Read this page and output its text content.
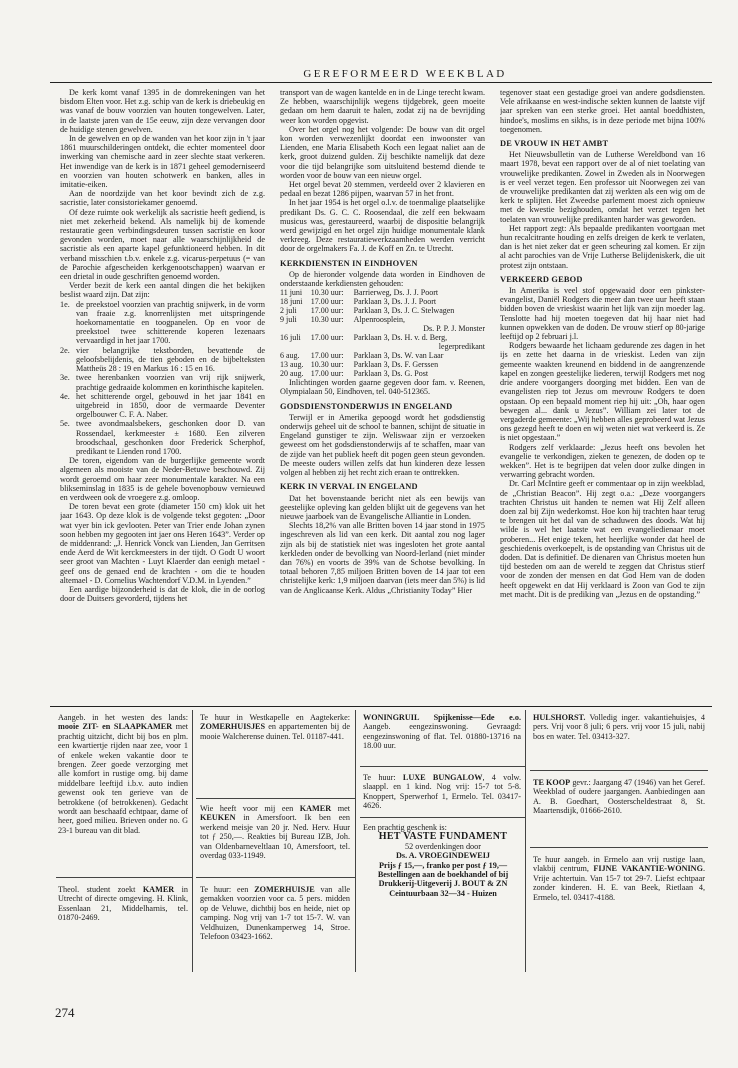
GEREFORMEERD WEEKBLAD

De kerk komt vanaf 1395 in de domrekeningen van het bisdom Elten voor. Het z.g. schip van de kerk is driebeukig en was vanaf de bouw voorzien van houten tongewelven. Later, in de laatste jaren van de 15e eeuw, zijn deze vervangen door de huidige stenen gewelven.

In de gewelven en op de wanden van het koor zijn in 't jaar 1861 muurschilderingen ontdekt, die echter momenteel door inwerking van chemische aard in zeer slechte staat verkeren. Het inwendige van de kerk is in 1871 geheel gemoderniseerd en voorzien van houten schotwerk en banken, alles in imitatie-eiken.

Aan de noordzijde van het koor bevindt zich de z.g. sacristie, later consistoriekamer genoemd.

Of deze ruimte ook werkelijk als sacristie heeft gediend, is niet met zekerheid bekend. Als namelijk bij de komende restauratie geen verbindingsdeuren tussen sacristie en koor gevonden worden, moet naar alle waarschijnlijkheid de sacristie als een aparte kapel gefunktioneerd hebben. In dit verband misschien t.b.v. enkele z.g. vicarus-perpetuus (= van de Parochie afgescheiden kerkgenootschappen) waarvan er een drietal in oude geschriften genoemd worden.

Verder bezit de kerk een aantal dingen die het bekijken beslist waard zijn. Dat zijn:

1e. de preekstoel voorzien van prachtig snijwerk, in de vorm van fraaie z.g. knorrenlijsten met uitspringende hoekornamentatie en toogpanelen. Op en voor de preekstoel twee schitterende koperen lezenaars vervaardigd in het jaar 1700.
2e. vier belangrijke tekstborden, bevattende de geloofsbelijdenis, de tien geboden en de bijbelteksten Mattheüs 28 : 19 en Markus 16 : 15 en 16.
3e. twee herenbanken voorzien van vrij rijk snijwerk, prachtige gedraaide kolommen en korinthische kapitelen.
4e. het schitterende orgel, gebouwd in het jaar 1841 en uitgebreid in 1850, door de vermaarde Deventer orgelbouwer C. F. A. Naber.
5e. twee avondmaalsbekers, geschonken door D. van Rossendael, kerkmeester ± 1680. Een zilveren broodschaal, geschonken door Frederick Scherphof, predikant te Lienden rond 1700.

De toren, eigendom van de burgerlijke gemeente wordt algemeen als mooiste van de Neder-Betuwe beschouwd. Zij wordt geroemd om haar zeer monumentale karakter. Na een blikseminslag in 1835 is de gehele bovenopbouw vernieuwd en verdween ook de vroegere z.g. omloop.

De toren bevat een grote (diameter 150 cm) klok uit het jaar 1643. Op deze klok is de volgende tekst gegoten: „Door wat vyer bin ick gevlooten. Peter van Trier ende Johan zynen soon hebben my gegooten int jaer ons Heren 1643”. Verder op de middenrand: „J. Henrick Vonck van Lienden, Jan Gerritsen ende Aerd de Wit kerckmeesters in der tijdt. O Godt U woort seer groot van Machten - Luyt Klaerder dan eenigh metael - geef ons de genaed end de krachten - om die te houden altemael - D. Cornelius Wachtendorf V.D.M. in Lyenden.”

Een aardige bijzonderheid is dat de klok, die in de oorlog door de Duitsers gevorderd, tijdens het

transport van de wagen kantelde en in de Linge terecht kwam. Ze hebben, waarschijnlijk wegens tijdgebrek, geen moeite gedaan om hem daaruit te halen, zodat zij na de bevrijding weer kon worden opgevist.

Over het orgel nog het volgende: De bouw van dit orgel kon worden verwezenlijkt doordat een inwoonster van Lienden, ene Maria Elisabeth Koch een legaat naliet aan de kerk, groot duizend gulden. Zij beschikte namelijk dat deze voor die tijd belangrijke som uitsluitend bestemd diende te worden voor de bouw van een nieuw orgel.

Het orgel bevat 20 stemmen, verdeeld over 2 klavieren en pedaal en bezat 1286 pijpen, waarvan 57 in het front.

In het jaar 1954 is het orgel o.l.v. de toenmalige plaatselijke predikant Ds. G. C. C. Roosendaal, die zelf een bekwaam musicus was, gerestaureerd, waarbij de dispositie belangrijk werd gewijzigd en het orgel zijn huidige monumentale klank verkreeg. Deze restauratiewerkzaamheden werden verricht door de orgelmakers Fa. J. de Koff en Zn. te Utrecht.

KERKDIENSTEN IN EINDHOVEN

Op de hieronder volgende data worden in Eindhoven de onderstaande kerkdiensten gehouden:

11 juni	10.30 uur:	Barrierweg, Ds. J. J. Poort
18 juni	17.00 uur:	Parklaan 3, Ds. J. J. Poort
2 juli	17.00 uur:	Parklaan 3, Ds. J. C. Stelwagen
9 juli	10.30 uur:	Alpenroosplein,
		Ds. P. P. J. Monster
16 juli	17.00 uur:	Parklaan 3, Ds. H. v. d. Berg,
		legerpredikant
6 aug.	17.00 uur:	Parklaan 3, Ds. W. van Laar
13 aug.	10.30 uur:	Parklaan 3, Ds. F. Gerssen
20 aug.	17.00 uur:	Parklaan 3, Ds. G. Post

Inlichtingen worden gaarne gegeven door fam. v. Reenen, Olympialaan 50, Eindhoven, tel. 040-512365.

GODSDIENSTONDERWIJS IN ENGELAND

Terwijl er in Amerika gepoogd wordt het godsdienstig onderwijs geheel uit de school te bannen, schijnt de situatie in Engeland gunstiger te zijn. Weliswaar zijn er verzoeken geweest om het godsdienstonderwijs af te schaffen, maar van de zijde van het publiek heeft dit pogen geen steun gevonden. De meeste ouders willen zelfs dat hun kinderen deze lessen volgen al hebben zij het recht zich eraan te onttrekken.

KERK IN VERVAL IN ENGELAND

Dat het bovenstaande bericht niet als een bewijs van geestelijke opleving kan gelden blijkt uit de gegevens van het nieuwe jaarboek van de Evangelische Alliantie in Londen.

Slechts 18,2% van alle Britten boven 14 jaar stond in 1975 ingeschreven als lid van een kerk. Dit aantal zou nog lager zijn als bij de statistiek niet was ingesloten het grote aantal kerkleden onder de bevolking van Noord-Ierland (niet minder dan 76%) en voorts de 39% van de Schotse bevolking. In totaal behoren 7,85 miljoen Britten boven de 14 jaar tot een christelijke kerk: 1,9 miljoen daarvan (iets meer dan 5%) is lid van de Anglicaanse Kerk. Aldus „Christianity Today” Hier

tegenover staat een gestadige groei van andere godsdiensten. Vele afrikaanse en west-indische sekten kunnen de laatste vijf jaar spreken van een sterke groei. Het aantal boeddhisten, hindoe's, moslims en sikhs, is in deze periode met bijna 100% toegenomen.

DE VROUW IN HET AMBT

Het Nieuwsbulletin van de Lutherse Wereldbond van 16 maart 1978, bevat een rapport over de al of niet toelating van vrouwelijke predikanten. Zowel in Zweden als in Noorwegen is er veel verzet tegen. Een professor uit Noorwegen zei van de vrouwelijke predikanten dat zij werkten als een wig om de kerk te splijten. Het Zweedse parlement moest zich opnieuw met de kwestie bezighouden, omdat het verzet tegen het toelaten van vrouwelijke predikanten harder was geworden.

Het rapport zegt: Als bepaalde predikanten voortgaan met hun recalcitrante houding en zelfs dreigen de kerk te verlaten, dan is het niet zeker dat er geen scheuring zal komen. Er zijn al acht parochies van de Vrije Lutherse Belijdeniskerk, die uit protest zijn ontstaan.

VERKEERD GEBOD

In Amerika is veel stof opgewaaid door een pinkster-evangelist, Daniël Rodgers die meer dan twee uur heeft staan bidden boven de vrieskist waarin het lijk van zijn moeder lag. Tenslotte had hij moeten toegeven dat hij haar niet had kunnen opwekken van de doden. De vrouw stierf op 80-jarige leeftijd op 2 februari j.l.

Rodgers bewaarde het lichaam gedurende zes dagen in het ijs en zette het daarna in de vrieskist. Leden van zijn gemeente waakten kreunend en biddend in de aangrenzende kapel en zongen geestelijke liederen, terwijl Rodgers met nog drie andere voorgangers doorging met bidden. Een van de evangelisten riep tot Jezus om mevrouw Rodgers te doen opstaan. Op een bepaald moment riep hij uit: „Oh, haar ogen bewegen al... dank u Jezus”. William zei later tot de vergaderde gemeente: „Wij hebben alles geprobeerd wat Jezus ons gezegd heeft te doen en wij weten niet wat verkeerd is. Ze is niet opgestaan.”

Rodgers zelf verklaarde: „Jezus heeft ons bevolen het evangelie te verkondigen, zieken te genezen, de doden op te wekken”. Het is te begrijpen dat velen door zulke dingen in verwarring gebracht worden.

Dr. Carl McIntire geeft er commentaar op in zijn weekblad, de „Christian Beacon”. Hij zegt o.a.: „Deze voorgangers trachten Christus uit handen te nemen wat Hij Zelf alleen doen zal bij Zijn wederkomst. Hoe kon hij trachten haar terug te brengen uit het dal van de schaduwen des doods. Wat hij wilde is wel het laatste wat een evangeliedienaar moet proberen... Het enige teken, het heerlijke wonder dat heel de geschiedenis overkoepelt, is de opstanding van Christus uit de doden. Dat is definitief. De dienaren van Christus moeten hun tijd besteden om aan de wereld te zeggen dat Christus stierf voor de zonden der mensen en dat God Hem van de doden heeft opgewekt en dat Hij verklaard is Zoon van God te zijn met macht. Dit is de prediking van „Jezus en de opstanding.”

Aangeb. in het westen des lands: mooie ZIT- en SLAAPKAMER met prachtig uitzicht, dicht bij bos en plm. een kwartiertje rijden naar zee, voor 1 of enkele weken vakantie door te brengen. Zeer goede verzorging met alle komfort in rustige omg. bij dame middelbare leeftijd i.b.v. auto indien gewenst ook ten gerieve van de betrokkene (of betrokkenen). Gedacht wordt aan beschaafd echtpaar, dame of heer, goed milieu. Brieven onder no. G 23-1 bureau van dit blad.

Theol. student zoekt KAMER in Utrecht of directe omgeving. H. Klink, Essenlaan 21, Middelharnis, tel. 01870-2469.

Te huur in Westkapelle en Aagtekerke: ZOMERHUISJES en appartementen bij de mooie Walcherense duinen. Tel. 01187-441.

Wie heeft voor mij een KAMER met KEUKEN in Amersfoort. Ik ben een werkend meisje van 20 jr. Ned. Herv. Huur tot ƒ 250,—. Reakties bij Bureau IZB, Joh. van Oldenbarneveltlaan 10, Amersfoort, tel. overdag 033-11949.

Te huur: een ZOMERHUISJE van alle gemakken voorzien voor ca. 5 pers. midden op de Veluwe, dichtbij bos en heide, niet op camping. Nog vrij van 1-7 tot 15-7. W. van Veldhuizen, Dunenkamperweg 14, Stroe. Telefoon 03423-1662.

WONINGRUIL Spijkenisse—Ede e.o. Aangeb. eengezinswoning. Gevraagd: eengezinswoning of flat. Tel. 01880-13716 na 18.00 uur.

Te huur: LUXE BUNGALOW, 4 volw. slaappl. en 1 kind. Nog vrij: 15-7 tot 5-8. Knoppert, Sperwerhof 1, Ermelo. Tel. 03417-4626.

Een prachtig geschenk is:

HET VASTE FUNDAMENT

52 overdenkingen door

Ds. A. VROEGINDEWEIJ

Prijs ƒ 15,—, franko per post ƒ 19,—

Bestellingen aan de boekhandel of bij

Drukkerij-Uitgeverij J. BOUT & ZN

Ceintuurbaan 32—34 - Huizen

HULSHORST. Volledig inger. vakantiehuisjes, 4 pers. Vrij voor 8 juli; 6 pers. vrij voor 15 juli, nabij bos en water. Tel. 03413-327.

TE KOOP gevr.: Jaargang 47 (1946) van het Geref. Weekblad of oudere jaargangen. Aanbiedingen aan A. B. Goedhart, Oosterscheldestraat 8, St. Maartensdijk, 01666-2610.

Te huur aangeb. in Ermelo aan vrij rustige laan, vlakbij centrum, FIJNE VAKANTIE-WONING. Vrije achtertuin. Van 15-7 tot 29-7. Liefst echtpaar zonder kinderen. H. E. van Beek, Rietlaan 4, Ermelo, tel. 03417-4188.

274
